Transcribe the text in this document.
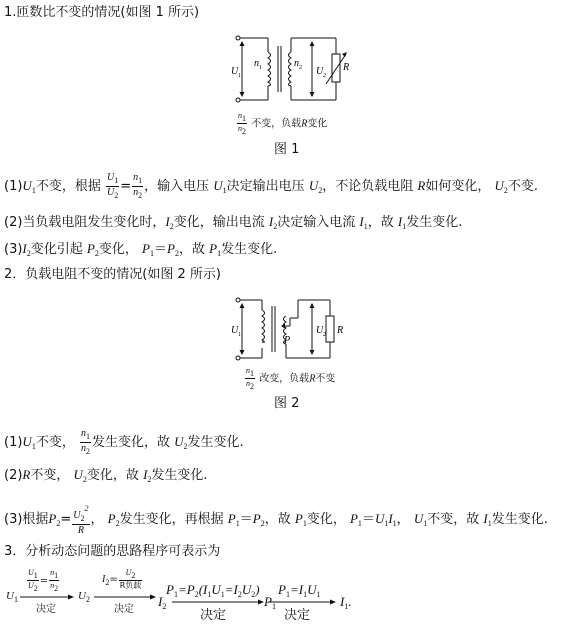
1.匝数比不变的情况(如图 1 所示)
U 1
n 1	n 2 U 2
R
$\frac{n1}{n2}$ 不变，负载R变化
图 1
$(1)U_1$不变，根据 $\frac{U_1}{U_2} = \frac{n_1}{n_2}$ ，输入电压 $U_1$决定输出电压 $U_2$，不论负载电阻 R如何变化， $U_2$不变.
(2)当负载电阻发生变化时，$I_2$变化，输出电流 $I_2$决定输入电流 $I_1$，故 $I_1$发生变化.
$(3)I_2$变化引起 $P_2$变化， $P_1=P_2$，故 $P_1$发生变化.
2．负载电阻不变的情况(如图 2 所示)
U 1	U 2 R
P
$\frac{n1}{n2}$ 改变，负载R不变
图 2
$(1)U_1$不变， $\frac{n_1}{n_2}$ 发生变化，故 $U_2$发生变化.
(2)R不变， $U_2$变化，故 $I_2$发生变化.
(3)根据$P_2= \frac{U_2^2}{R}$ ， $P_2$发生变化，再根据 $P_1=P_2$，故 $P_1$变化， $P_1=U_1I_1$， $U_1$不变，故 $I_1$发生变化.
3．分析动态问题的思路程序可表示为
$U_1$
$\frac{U1}{U2} = \frac{n1}{n2}$
决定
$U_2$
$I_2= \frac{U2}{\text{R负载}}$
决定
$I_2$
$P_1=P_2(I_1U_1=I_2U_2)$
决定
$P_1$
$P_1=I_1U_1$
决定
$I_1$.
